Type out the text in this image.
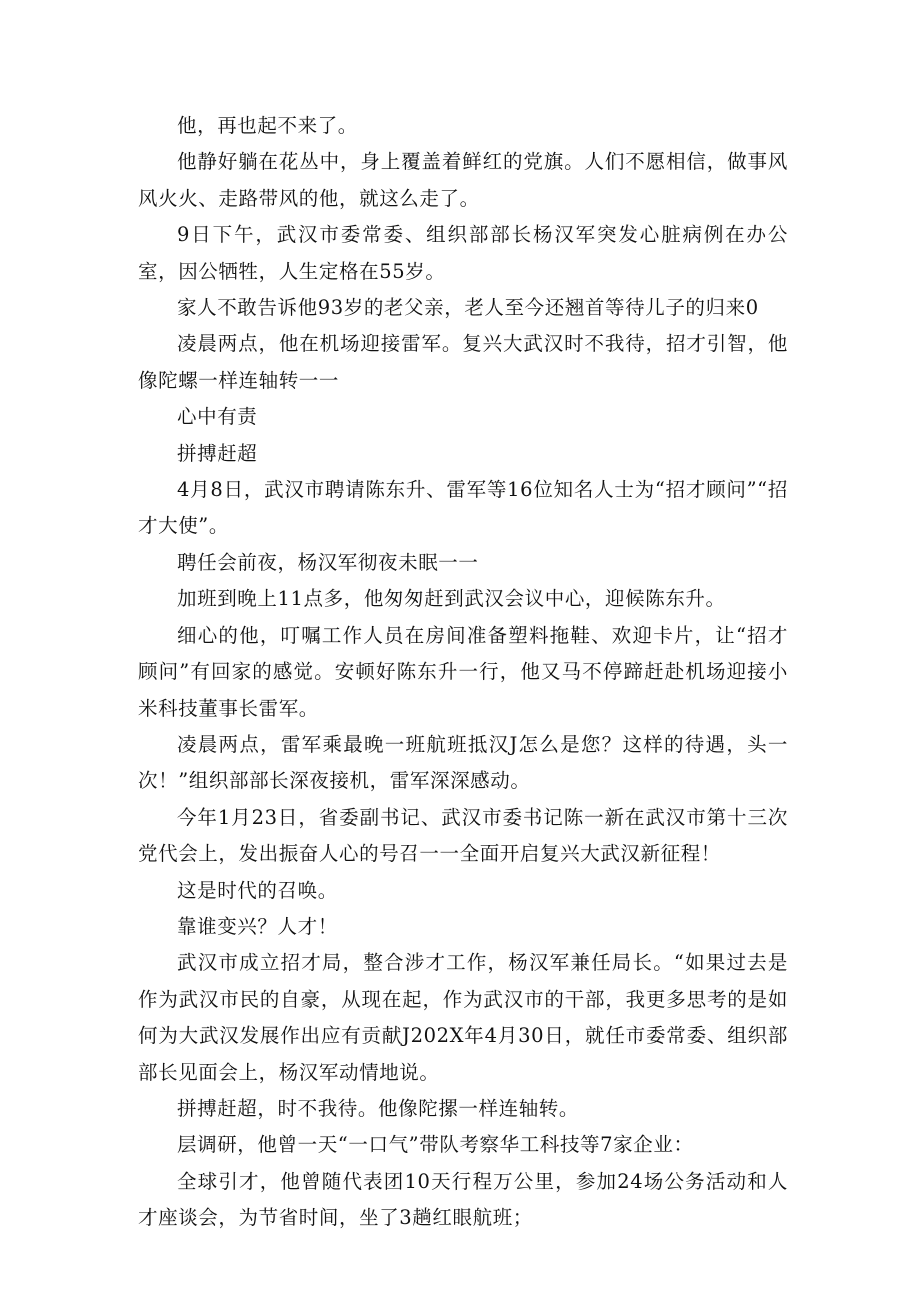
他，再也起不来了。

他静好躺在花丛中，身上覆盖着鲜红的党旗。人们不愿相信，做事风风火火、走路带风的他，就这么走了。

9日下午，武汉市委常委、组织部部长杨汉军突发心脏病例在办公室，因公牺牲，人生定格在55岁。

家人不敢告诉他93岁的老父亲，老人至今还翘首等待儿子的归来0

凌晨两点，他在机场迎接雷军。复兴大武汉时不我待，招才引智，他像陀螺一样连轴转一一

心中有责

拼搏赶超

4月8日，武汉市聘请陈东升、雷军等16位知名人士为“招才顾问”“招才大使”。

聘任会前夜，杨汉军彻夜未眠一一

加班到晚上11点多，他匆匆赶到武汉会议中心，迎候陈东升。

细心的他，叮嘱工作人员在房间准备塑料拖鞋、欢迎卡片，让“招才顾问”有回家的感觉。安顿好陈东升一行，他又马不停蹄赶赴机场迎接小米科技董事长雷军。

凌晨两点，雷军乘最晚一班航班抵汉J怎么是您？这样的待遇，头一次！”组织部部长深夜接机，雷军深深感动。

今年1月23日，省委副书记、武汉市委书记陈一新在武汉市第十三次党代会上，发出振奋人心的号召一一全面开启复兴大武汉新征程！

这是时代的召唤。

靠谁变兴？人才！

武汉市成立招才局，整合涉才工作，杨汉军兼任局长。“如果过去是作为武汉市民的自豪，从现在起，作为武汉市的干部，我更多思考的是如何为大武汉发展作出应有贡献J202X年4月30日，就任市委常委、组织部部长见面会上，杨汉军动情地说。

拼搏赶超，时不我待。他像陀摞一样连轴转。

层调研，他曾一天“一口气”带队考察华工科技等7家企业：

全球引才，他曾随代表团10天行程万公里，参加24场公务活动和人才座谈会，为节省时间，坐了3趟红眼航班；
